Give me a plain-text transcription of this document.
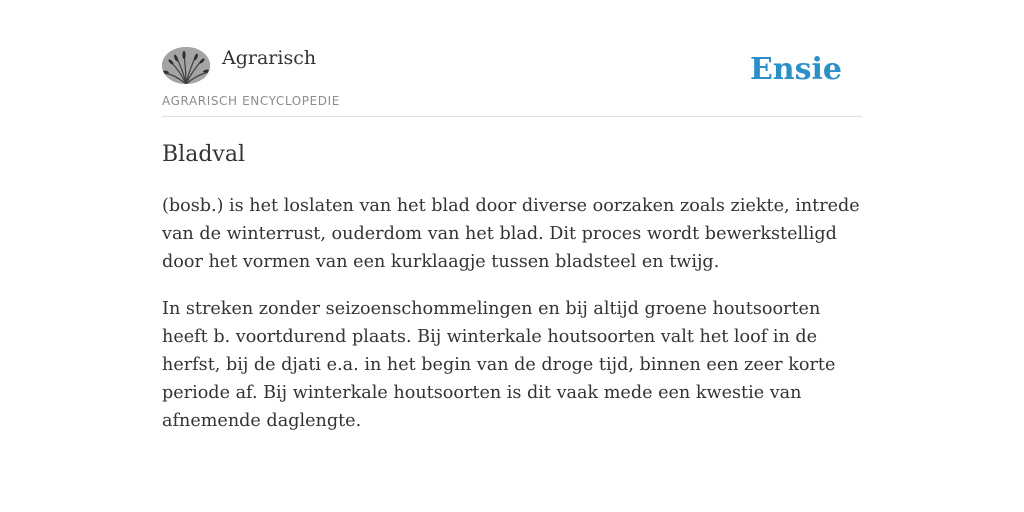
Agrarisch
AGRARISCH ENCYCLOPEDIE
Ensie
Bladval

(bosb.) is het loslaten van het blad door diverse oorzaken zoals ziekte, intrede van de winterrust, ouderdom van het blad. Dit proces wordt bewerkstelligd door het vormen van een kurklaagje tussen bladsteel en twijg.

In streken zonder seizoenschommelingen en bij altijd groene houtsoorten heeft b. voortdurend plaats. Bij winterkale houtsoorten valt het loof in de herfst, bij de djati e.a. in het begin van de droge tijd, binnen een zeer korte periode af. Bij winterkale houtsoorten is dit vaak mede een kwestie van afnemende daglengte.
